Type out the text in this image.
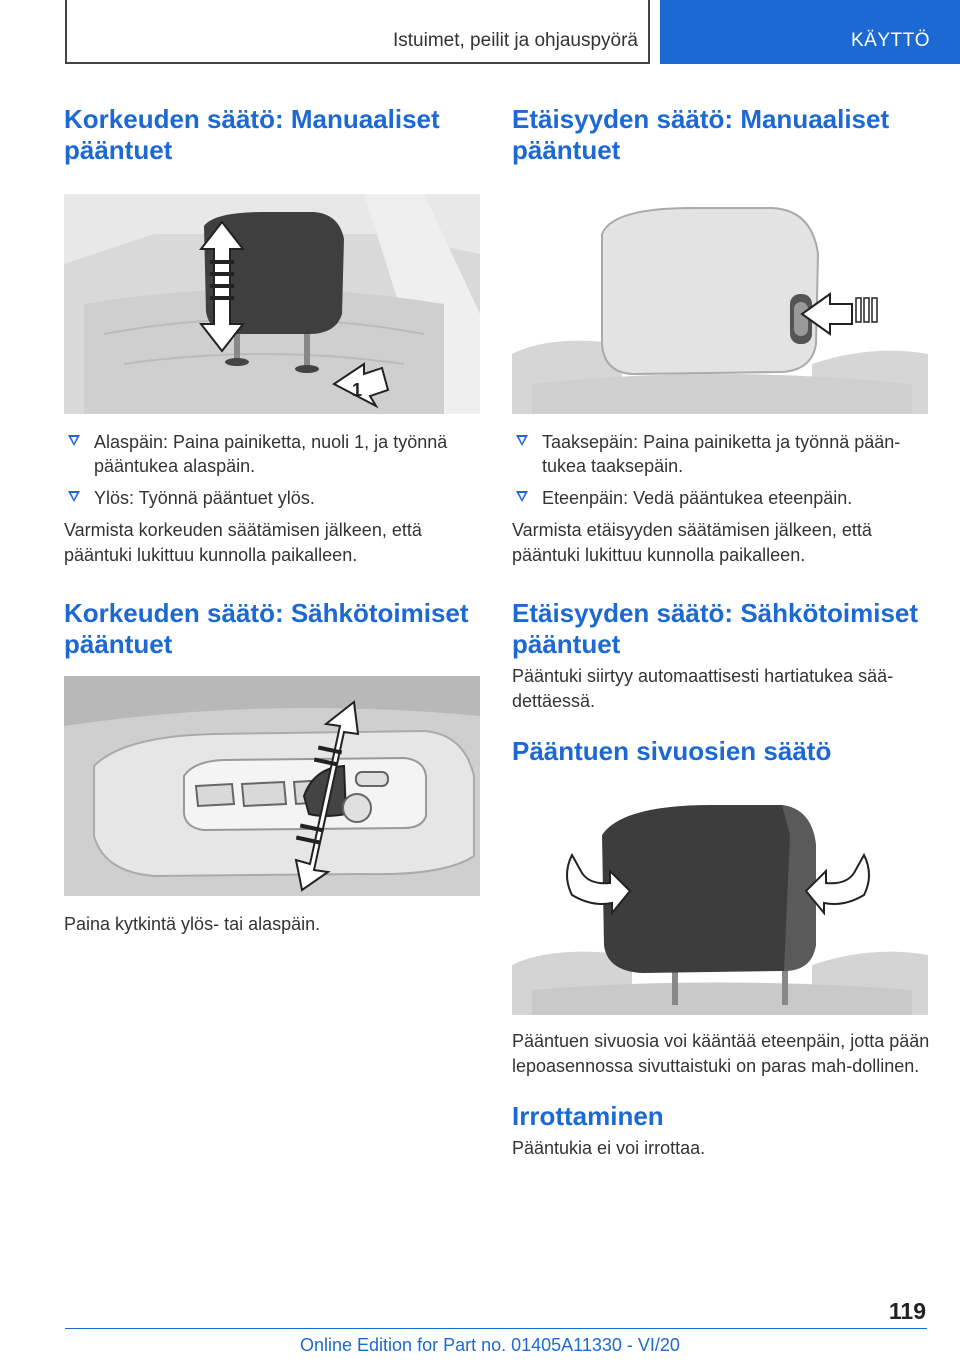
Istuimet, peilit ja ohjauspyörä	KÄYTTÖ
Korkeuden säätö: Manuaaliset pääntuet
1
Alaspäin: Paina painiketta, nuoli 1, ja työnnä pääntukea alaspäin.
Ylös: Työnnä pääntuet ylös.

Varmista korkeuden säätämisen jälkeen, että pääntuki lukittuu kunnolla paikalleen.

Korkeuden säätö: Sähkötoimiset pääntuet

Paina kytkintä ylös- tai alaspäin.

Etäisyyden säätö: Manuaaliset pääntuet
Taaksepäin: Paina painiketta ja työnnä pään-tukea taaksepäin.
Eteenpäin: Vedä pääntukea eteenpäin.

Varmista etäisyyden säätämisen jälkeen, että pääntuki lukittuu kunnolla paikalleen.

Etäisyyden säätö: Sähkötoimiset pääntuet

Pääntuki siirtyy automaattisesti hartiatukea sää-dettäessä.

Pääntuen sivuosien säätö

Pääntuen sivuosia voi kääntää eteenpäin, jotta pään lepoasennossa sivuttaistuki on paras mah-dollinen.

Irrottaminen

Pääntukia ei voi irrottaa.

119
Online Edition for Part no. 01405A11330 - VI/20
